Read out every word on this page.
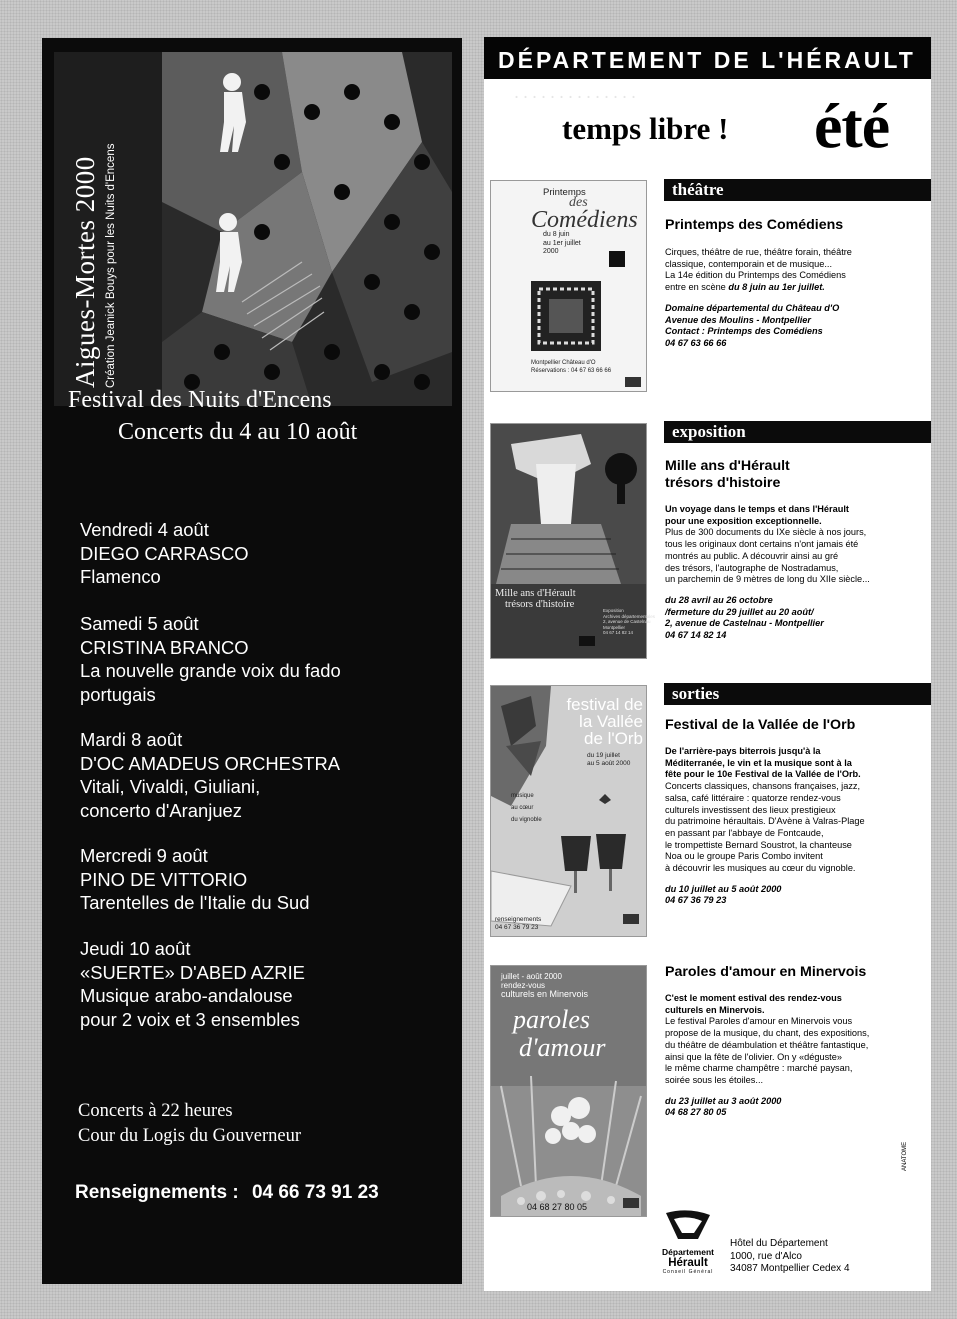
Aigues-Mortes 2000 Création Jeanick Bouys pour les Nuits d'Encens
Festival des Nuits d'Encens
Concerts du 4 au 10 août
Vendredi 4 août
DIEGO CARRASCO
Flamenco
Samedi 5 août
CRISTINA BRANCO
La nouvelle grande voix du fado
portugais
Mardi 8 août
D'OC AMADEUS ORCHESTRA
Vitali, Vivaldi, Giuliani,
concerto d'Aranjuez
Mercredi 9 août
PINO DE VITTORIO
Tarentelles de l'Italie du Sud
Jeudi 10 août
«SUERTE» D'ABED AZRIE
Musique arabo-andalouse
pour 2 voix et 3 ensembles
Concerts à 22 heures
Cour du Logis du Gouverneur
Renseignements : 04 66 73 91 23
DÉPARTEMENT DE L'HÉRAULT
· · · · · · · · · · · · · ·
temps libre ! été
Printemps
des
Comédiens
du 8 juin
au 1er juillet
2000
Montpellier Château d'O
Réservations : 04 67 63 66 66
théâtre
Printemps des Comédiens
Cirques, théâtre de rue, théâtre forain, théâtre
classique, contemporain et de musique...
La 14e édition du Printemps des Comédiens
entre en scène du 8 juin au 1er juillet.
Domaine départemental du Château d'O
Avenue des Moulins - Montpellier
Contact : Printemps des Comédiens
04 67 63 66 66
Mille ans d'Hérault
trésors d'histoire
Exposition
Archives départementales
2, avenue de Castelnau
Montpellier
04 67 14 82 14
exposition
Mille ans d'Hérault
trésors d'histoire
Un voyage dans le temps et dans l'Hérault
pour une exposition exceptionnelle.
Plus de 300 documents du IXe siècle à nos jours,
tous les originaux dont certains n'ont jamais été
montrés au public. A découvrir ainsi au gré
des trésors, l'autographe de Nostradamus,
un parchemin de 9 mètres de long du XIIe siècle...
du 28 avril au 26 octobre
/fermeture du 29 juillet au 20 août/
2, avenue de Castelnau - Montpellier
04 67 14 82 14
festival de
la Vallée
de l'Orb
du 19 juillet
au 5 août 2000
musique
au cœur
du vignoble
renseignements
04 67 36 79 23
sorties
Festival de la Vallée de l'Orb
De l'arrière-pays biterrois jusqu'à la
Méditerranée, le vin et la musique sont à la
fête pour le 10e Festival de la Vallée de l'Orb.
Concerts classiques, chansons françaises, jazz,
salsa, café littéraire : quatorze rendez-vous
culturels investissent des lieux prestigieux
du patrimoine héraultais. D'Avène à Valras-Plage
en passant par l'abbaye de Fontcaude,
le trompettiste Bernard Soustrot, la chanteuse
Noa ou le groupe Paris Combo invitent
à découvrir les musiques au cœur du vignoble.
du 10 juillet au 5 août 2000
04 67 36 79 23
juillet - août 2000
rendez-vous
culturels en Minervois
paroles
d'amour
04 68 27 80 05
Paroles d'amour en Minervois
C'est le moment estival des rendez-vous
culturels en Minervois.
Le festival Paroles d'amour en Minervois vous
propose de la musique, du chant, des expositions,
du théâtre de déambulation et théâtre fantastique,
ainsi que la fête de l'olivier. On y «déguste»
le même charme champêtre : marché paysan,
soirée sous les étoiles...
du 23 juillet au 3 août 2000
04 68 27 80 05
Département
Hérault
Conseil Général
Hôtel du Département
1000, rue d'Alco
34087 Montpellier Cedex 4
ANATOME
